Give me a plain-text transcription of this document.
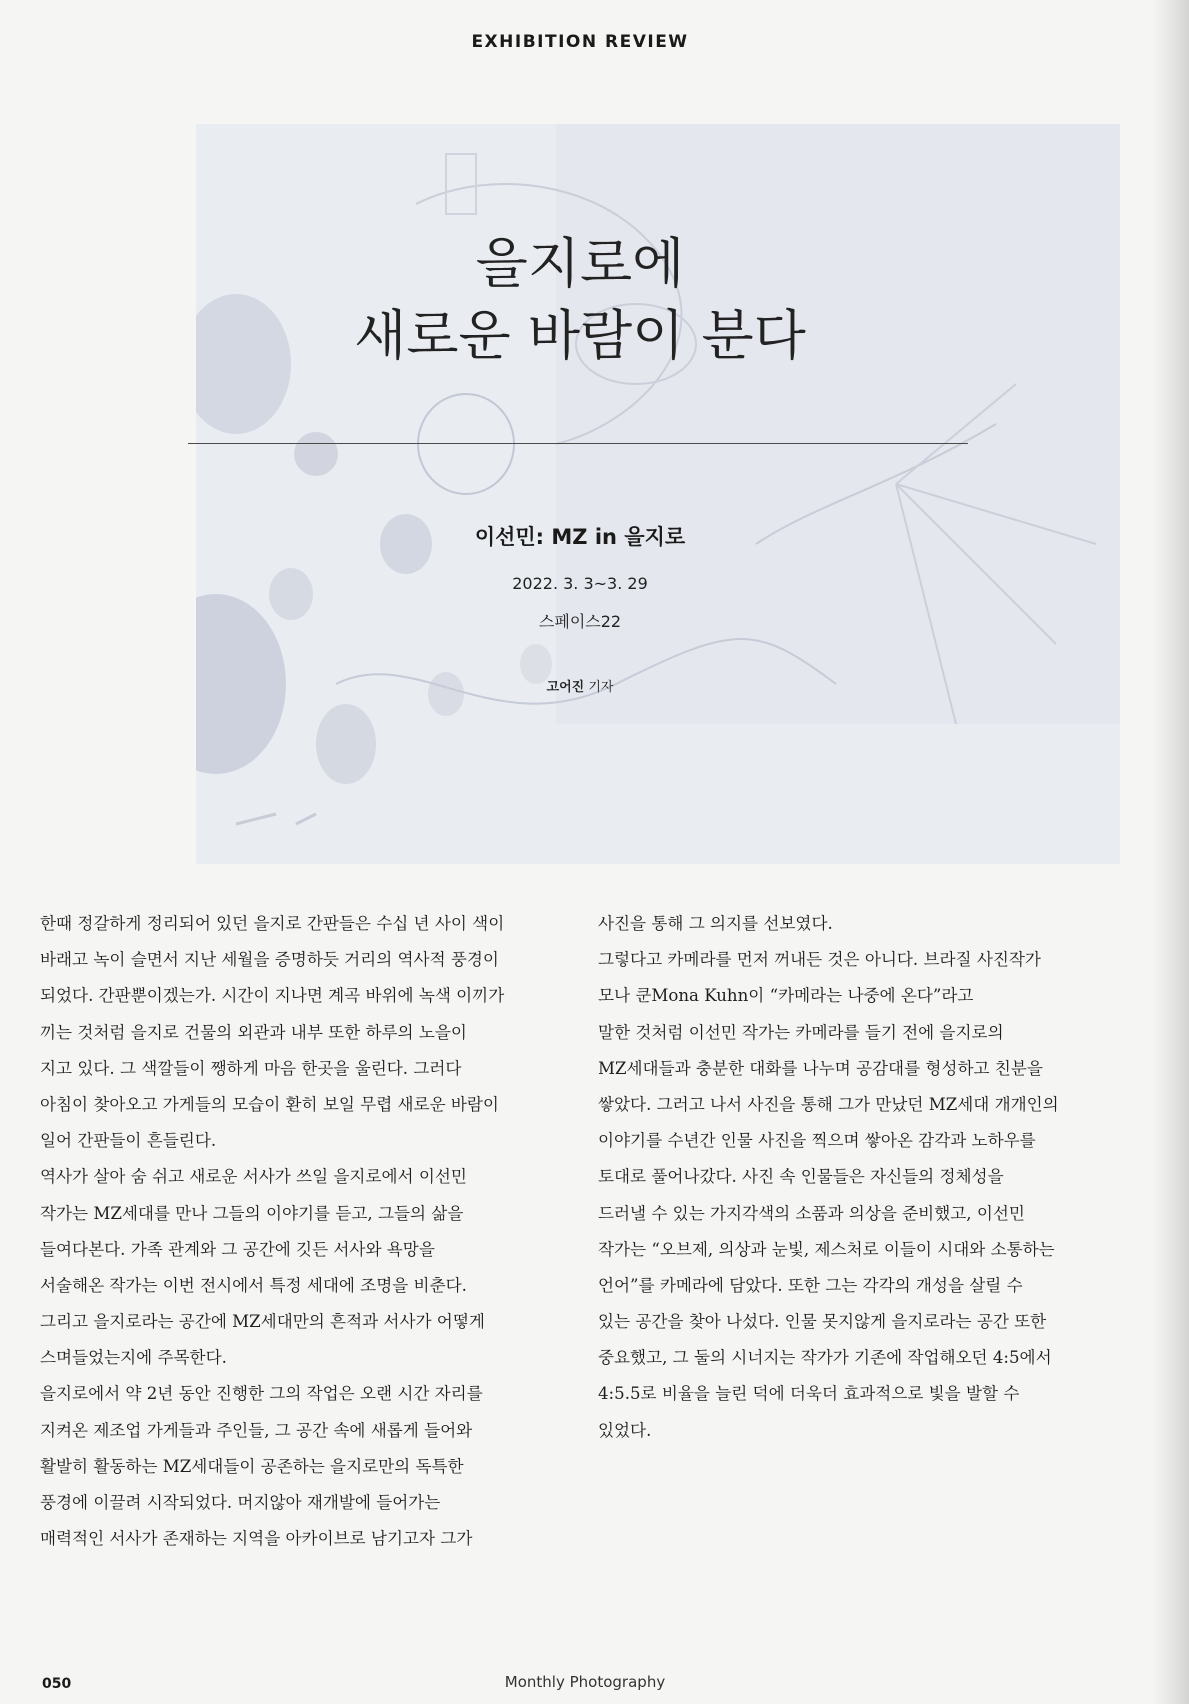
EXHIBITION REVIEW
을지로에
새로운 바람이 분다
이선민: MZ in 을지로
2022. 3. 3~3. 29
스페이스22
고어진 기자
한때 정갈하게 정리되어 있던 을지로 간판들은 수십 년 사이 색이
바래고 녹이 슬면서 지난 세월을 증명하듯 거리의 역사적 풍경이
되었다. 간판뿐이겠는가. 시간이 지나면 계곡 바위에 녹색 이끼가
끼는 것처럼 을지로 건물의 외관과 내부 또한 하루의 노을이
지고 있다. 그 색깔들이 쨍하게 마음 한곳을 울린다. 그러다
아침이 찾아오고 가게들의 모습이 환히 보일 무렵 새로운 바람이
일어 간판들이 흔들린다.
역사가 살아 숨 쉬고 새로운 서사가 쓰일 을지로에서 이선민
작가는 MZ세대를 만나 그들의 이야기를 듣고, 그들의 삶을
들여다본다. 가족 관계와 그 공간에 깃든 서사와 욕망을
서술해온 작가는 이번 전시에서 특정 세대에 조명을 비춘다.
그리고 을지로라는 공간에 MZ세대만의 흔적과 서사가 어떻게
스며들었는지에 주목한다.
을지로에서 약 2년 동안 진행한 그의 작업은 오랜 시간 자리를
지켜온 제조업 가게들과 주인들, 그 공간 속에 새롭게 들어와
활발히 활동하는 MZ세대들이 공존하는 을지로만의 독특한
풍경에 이끌려 시작되었다. 머지않아 재개발에 들어가는
매력적인 서사가 존재하는 지역을 아카이브로 남기고자 그가
사진을 통해 그 의지를 선보였다.
그렇다고 카메라를 먼저 꺼내든 것은 아니다. 브라질 사진작가
모나 쿤Mona Kuhn이 “카메라는 나중에 온다”라고
말한 것처럼 이선민 작가는 카메라를 들기 전에 을지로의
MZ세대들과 충분한 대화를 나누며 공감대를 형성하고 친분을
쌓았다. 그러고 나서 사진을 통해 그가 만났던 MZ세대 개개인의
이야기를 수년간 인물 사진을 찍으며 쌓아온 감각과 노하우를
토대로 풀어나갔다. 사진 속 인물들은 자신들의 정체성을
드러낼 수 있는 가지각색의 소품과 의상을 준비했고, 이선민
작가는 “오브제, 의상과 눈빛, 제스처로 이들이 시대와 소통하는
언어”를 카메라에 담았다. 또한 그는 각각의 개성을 살릴 수
있는 공간을 찾아 나섰다. 인물 못지않게 을지로라는 공간 또한
중요했고, 그 둘의 시너지는 작가가 기존에 작업해오던 4:5에서
4:5.5로 비율을 늘린 덕에 더욱더 효과적으로 빛을 발할 수
있었다.
050	Monthly Photography
